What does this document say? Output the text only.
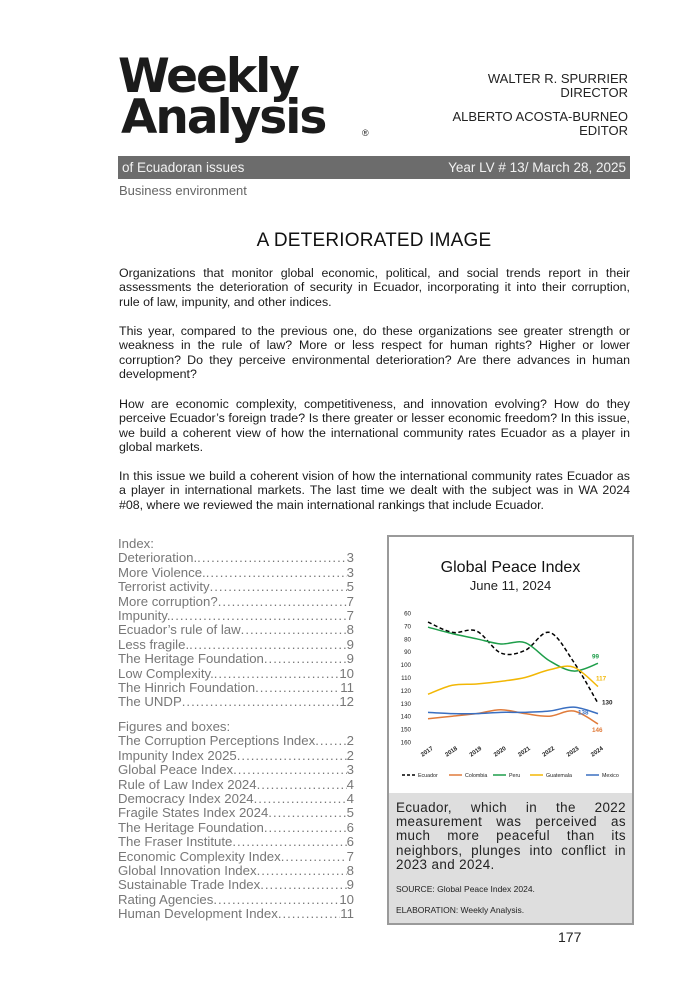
Weekly
Analysis	®
WALTER R. SPURRIER
DIRECTOR
ALBERTO ACOSTA-BURNEO
EDITOR
of Ecuadoran issues	Year LV # 13/ March 28, 2025
Business environment
A DETERIORATED IMAGE

Organizations that monitor global economic, political, and social trends report in their assessments the deterioration of security in Ecuador, incorporating it into their corruption, rule of law, impunity, and other indices.

This year, compared to the previous one, do these organizations see greater strength or weakness in the rule of law? More or less respect for human rights? Higher or lower corruption? Do they perceive environmental deterioration? Are there advances in human development?

How are economic complexity, competitiveness, and innovation evolving? How do they perceive Ecuador’s foreign trade? Is there greater or lesser economic freedom? In this issue, we build a coherent view of how the international community rates Ecuador as a player in global markets.

In this issue we build a coherent vision of how the international community rates Ecuador as a player in international markets. The last time we dealt with the subject was in WA 2024 #08, where we reviewed the main international rankings that include Ecuador.

Index:
Deterioration. .....	3
More Violence. .....	3
Terrorist activity .....	5
More corruption? .....	7
Impunity. .....	7
Ecuador’s rule of law .....	8
Less fragile. .....	9
The Heritage Foundation .....	9
Low Complexity. .....	10
The Hinrich Foundation .....	11
The UNDP .....	12
Figures and boxes:
The Corruption Perceptions Index ..... 2
Impunity Index 2025 .....	2
Global Peace Index .....	3
Rule of Law Index 2024 .....	4
Democracy Index 2024 .....	4
Fragile States Index 2024 .....	5
The Heritage Foundation .....	6
The Fraser Institute .....	6
Economic Complexity Index .....	7
Global Innovation Index .....	8
Sustainable Trade Index .....	9
Rating Agencies .....	10
Human Development Index .....	11
Global Peace Index
June 11, 2024
60
70
80
90
100
110
120
130
140
150
160
2017 2018 2019 2020 2021 2022 2023 2024
130
146
99
117
138
Ecuador	Colombia	Peru	Guatemala	Mexico
Ecuador, which in the 2022 measurement was perceived as much more peaceful than its neighbors, plunges into conflict in 2023 and 2024.
SOURCE: Global Peace Index 2024.
ELABORATION: Weekly Analysis.
177
